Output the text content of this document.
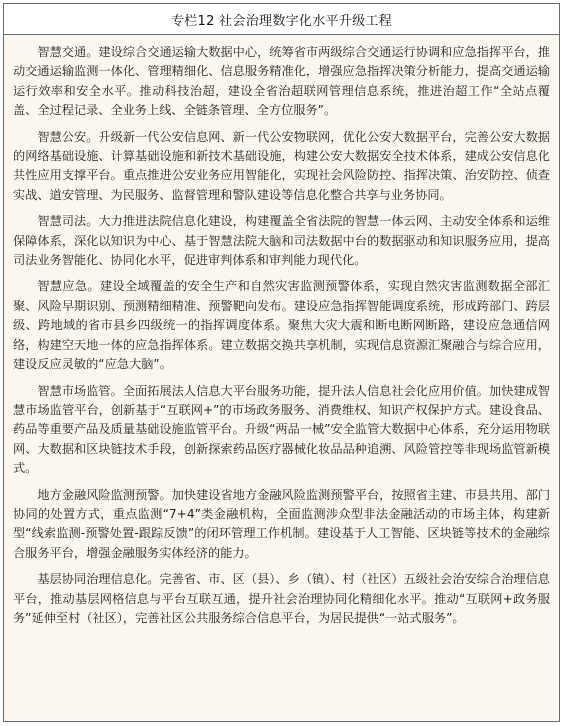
专栏12 社会治理数字化水平升级工程

智慧交通。建设综合交通运输大数据中心，统筹省市两级综合交通运行协调和应急指挥平台，推动交通运输监测一体化、管理精细化、信息服务精准化，增强应急指挥决策分析能力，提高交通运输运行效率和安全水平。推动科技治超，建设全省治超联网管理信息系统，推进治超工作“全站点覆盖、全过程记录、全业务上线、全链条管理、全方位服务”。

智慧公安。升级新一代公安信息网、新一代公安物联网，优化公安大数据平台，完善公安大数据的网络基础设施、计算基础设施和新技术基础设施，构建公安大数据安全技术体系，建成公安信息化共性应用支撑平台。重点推进公安业务应用智能化，实现社会风险防控、指挥决策、治安防控、侦查实战、道安管理、为民服务、监督管理和警队建设等信息化整合共享与业务协同。

智慧司法。大力推进法院信息化建设，构建覆盖全省法院的智慧一体云网、主动安全体系和运维保障体系，深化以知识为中心、基于智慧法院大脑和司法数据中台的数据驱动和知识服务应用，提高司法业务智能化、协同化水平，促进审判体系和审判能力现代化。

智慧应急。建设全域覆盖的安全生产和自然灾害监测预警体系，实现自然灾害监测数据全部汇聚、风险早期识别、预测精细精准、预警靶向发布。建设应急指挥智能调度系统，形成跨部门、跨层级、跨地域的省市县乡四级统一的指挥调度体系。聚焦大灾大震和断电断网断路，建设应急通信网络，构建空天地一体的应急指挥体系。建立数据交换共享机制，实现信息资源汇聚融合与综合应用，建设反应灵敏的“应急大脑”。

智慧市场监管。全面拓展法人信息大平台服务功能，提升法人信息社会化应用价值。加快建成智慧市场监管平台，创新基于“互联网+”的市场政务服务、消费维权、知识产权保护方式。建设食品、药品等重要产品及质量基础设施监管平台。升级“两品一械”安全监管大数据中心体系，充分运用物联网、大数据和区块链技术手段，创新探索药品医疗器械化妆品品种追溯、风险管控等非现场监管新模式。

地方金融风险监测预警。加快建设省地方金融风险监测预警平台，按照省主建、市县共用、部门协同的处置方式，重点监测“7+4”类金融机构，全面监测涉众型非法金融活动的市场主体，构建新型“线索监测-预警处置-跟踪反馈”的闭环管理工作机制。建设基于人工智能、区块链等技术的金融综合服务平台，增强金融服务实体经济的能力。

基层协同治理信息化。完善省、市、区（县）、乡（镇）、村（社区）五级社会治安综合治理信息平台，推动基层网格信息与平台互联互通，提升社会治理协同化精细化水平。推动“互联网+政务服务”延伸至村（社区），完善社区公共服务综合信息平台，为居民提供“一站式服务”。
